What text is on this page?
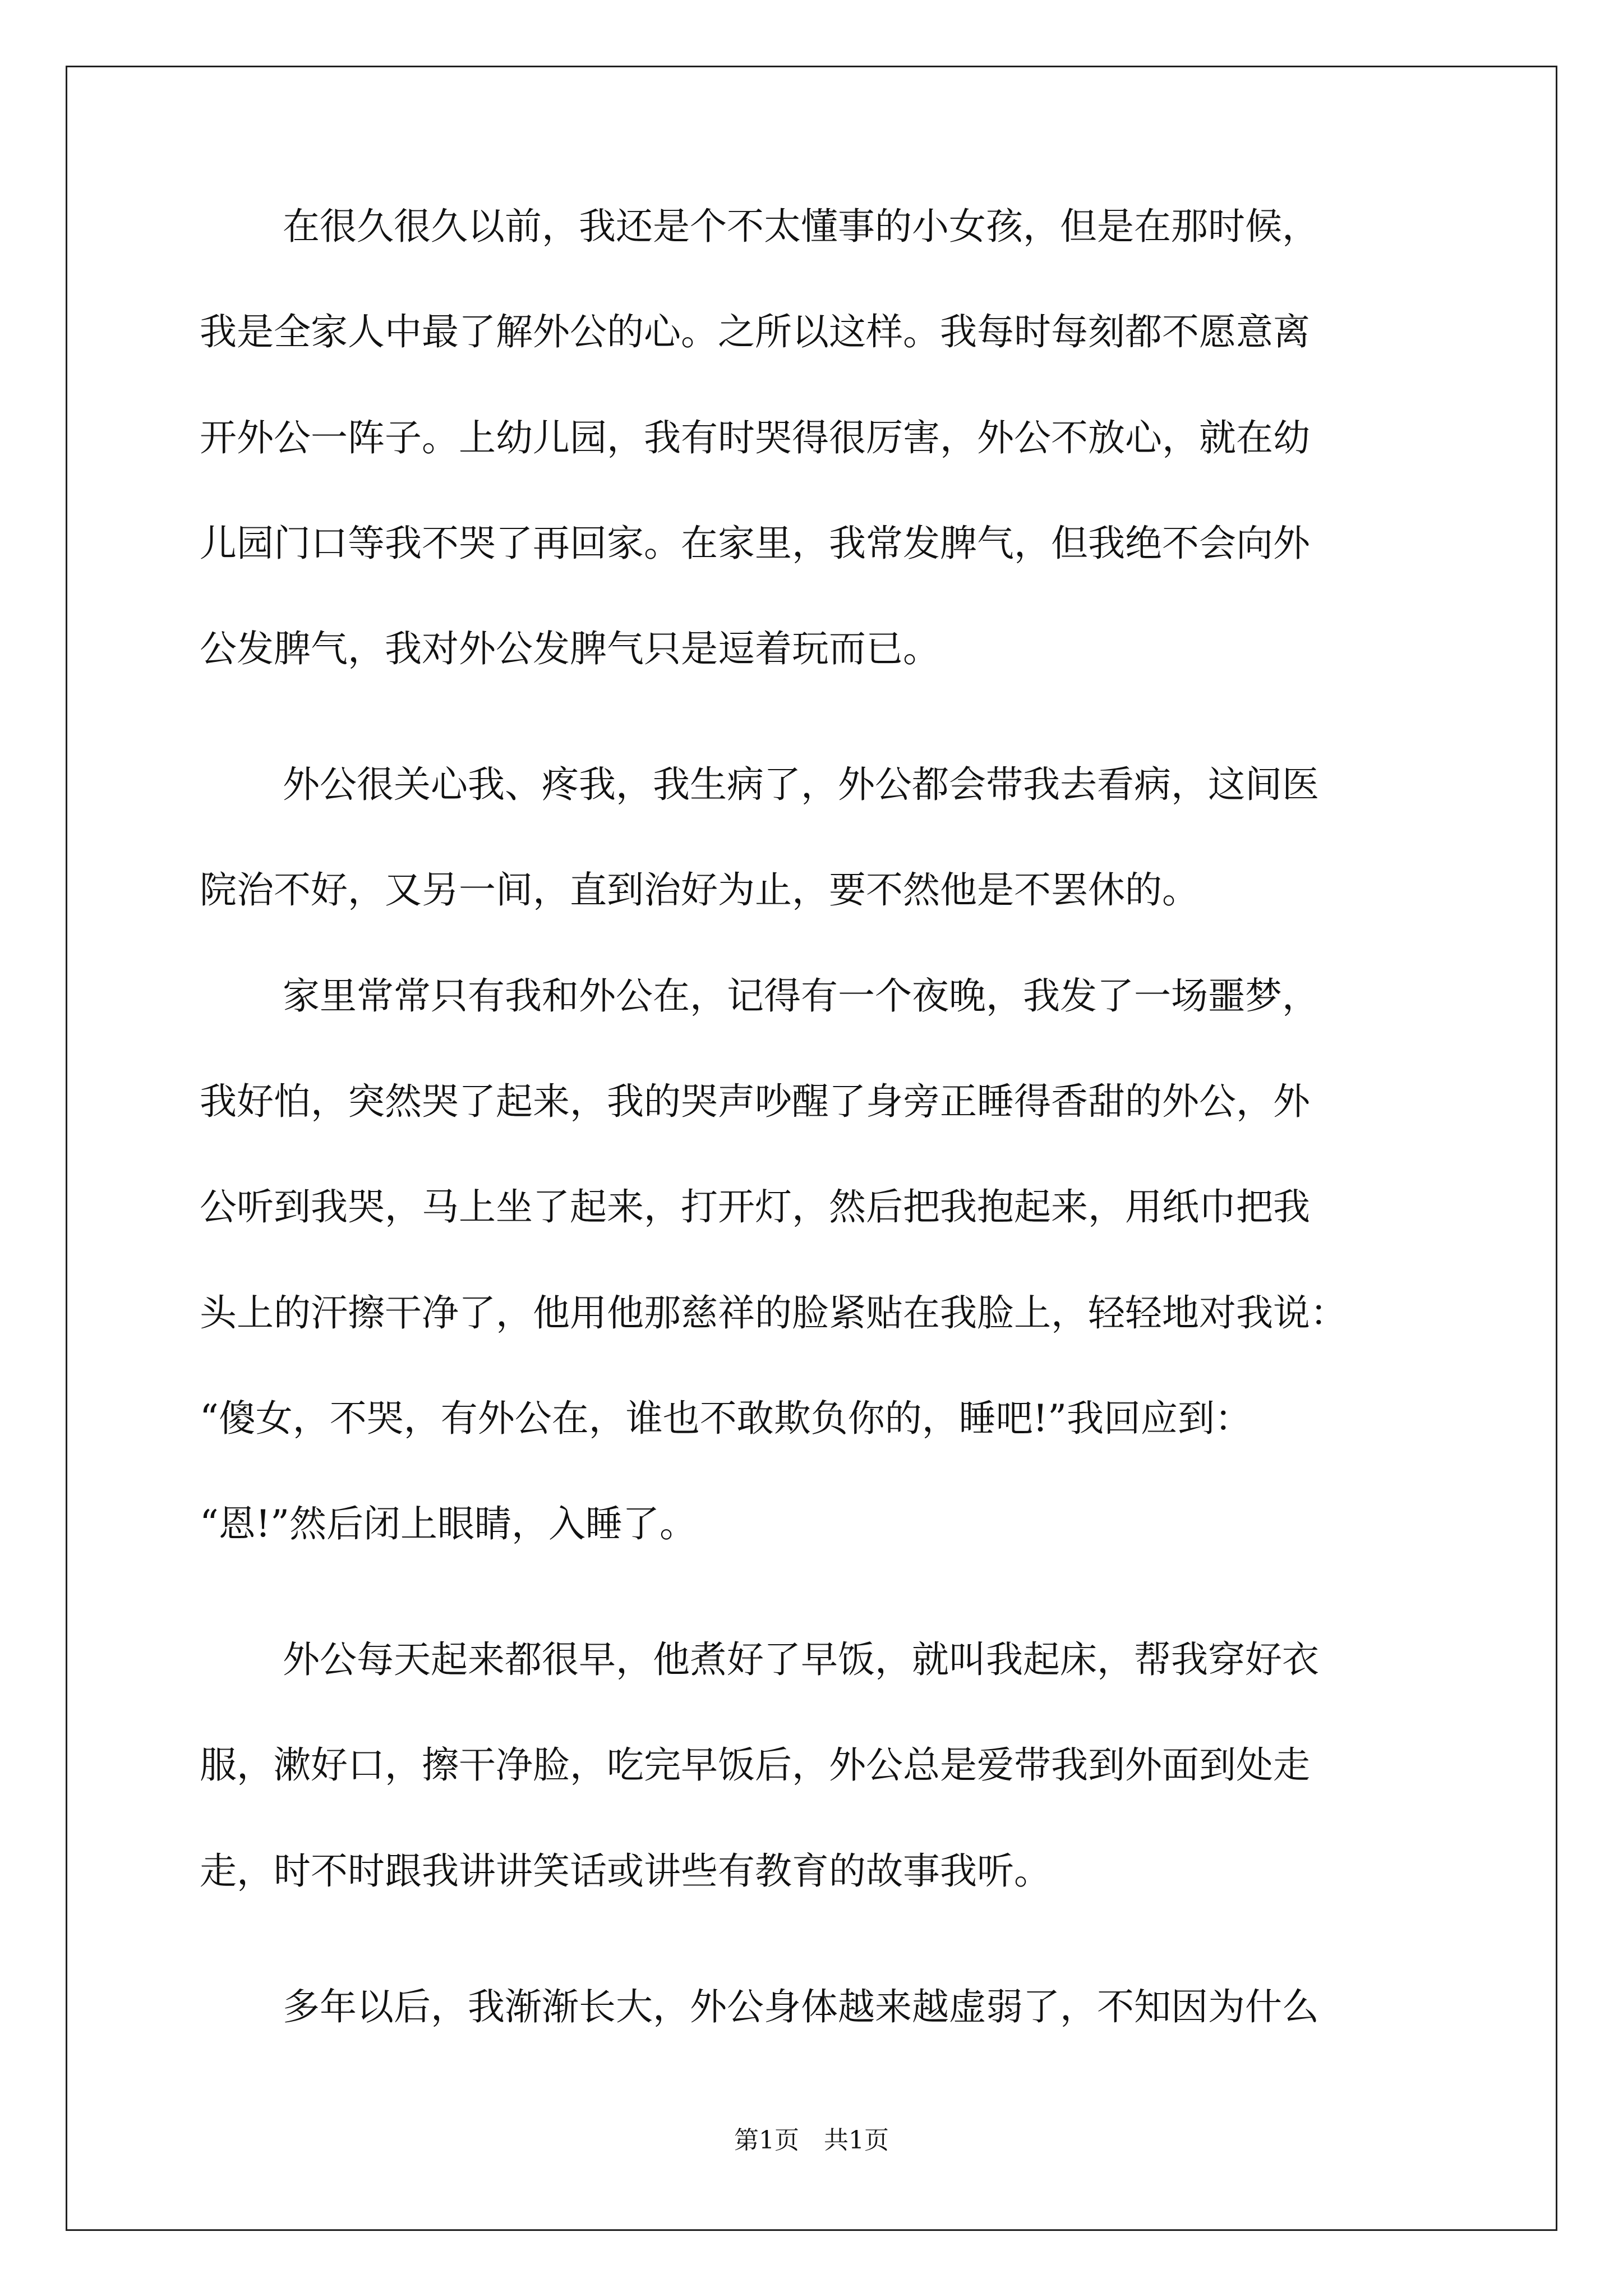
在很久很久以前，我还是个不太懂事的小女孩，但是在那时候，
我是全家人中最了解外公的心。之所以这样。我每时每刻都不愿意离
开外公一阵子。上幼儿园，我有时哭得很厉害，外公不放心，就在幼
儿园门口等我不哭了再回家。在家里，我常发脾气，但我绝不会向外
公发脾气，我对外公发脾气只是逗着玩而已。
外公很关心我、疼我，我生病了，外公都会带我去看病，这间医
院治不好，又另一间，直到治好为止，要不然他是不罢休的。
家里常常只有我和外公在，记得有一个夜晚，我发了一场噩梦，
我好怕，突然哭了起来，我的哭声吵醒了身旁正睡得香甜的外公，外
公听到我哭，马上坐了起来，打开灯，然后把我抱起来，用纸巾把我
头上的汗擦干净了，他用他那慈祥的脸紧贴在我脸上，轻轻地对我说：
“傻女，不哭，有外公在，谁也不敢欺负你的，睡吧!”我回应到：
“恩!”然后闭上眼睛，入睡了。
外公每天起来都很早，他煮好了早饭，就叫我起床，帮我穿好衣
服，漱好口，擦干净脸，吃完早饭后，外公总是爱带我到外面到处走
走，时不时跟我讲讲笑话或讲些有教育的故事我听。
多年以后，我渐渐长大，外公身体越来越虚弱了，不知因为什么
第1页　共1页
